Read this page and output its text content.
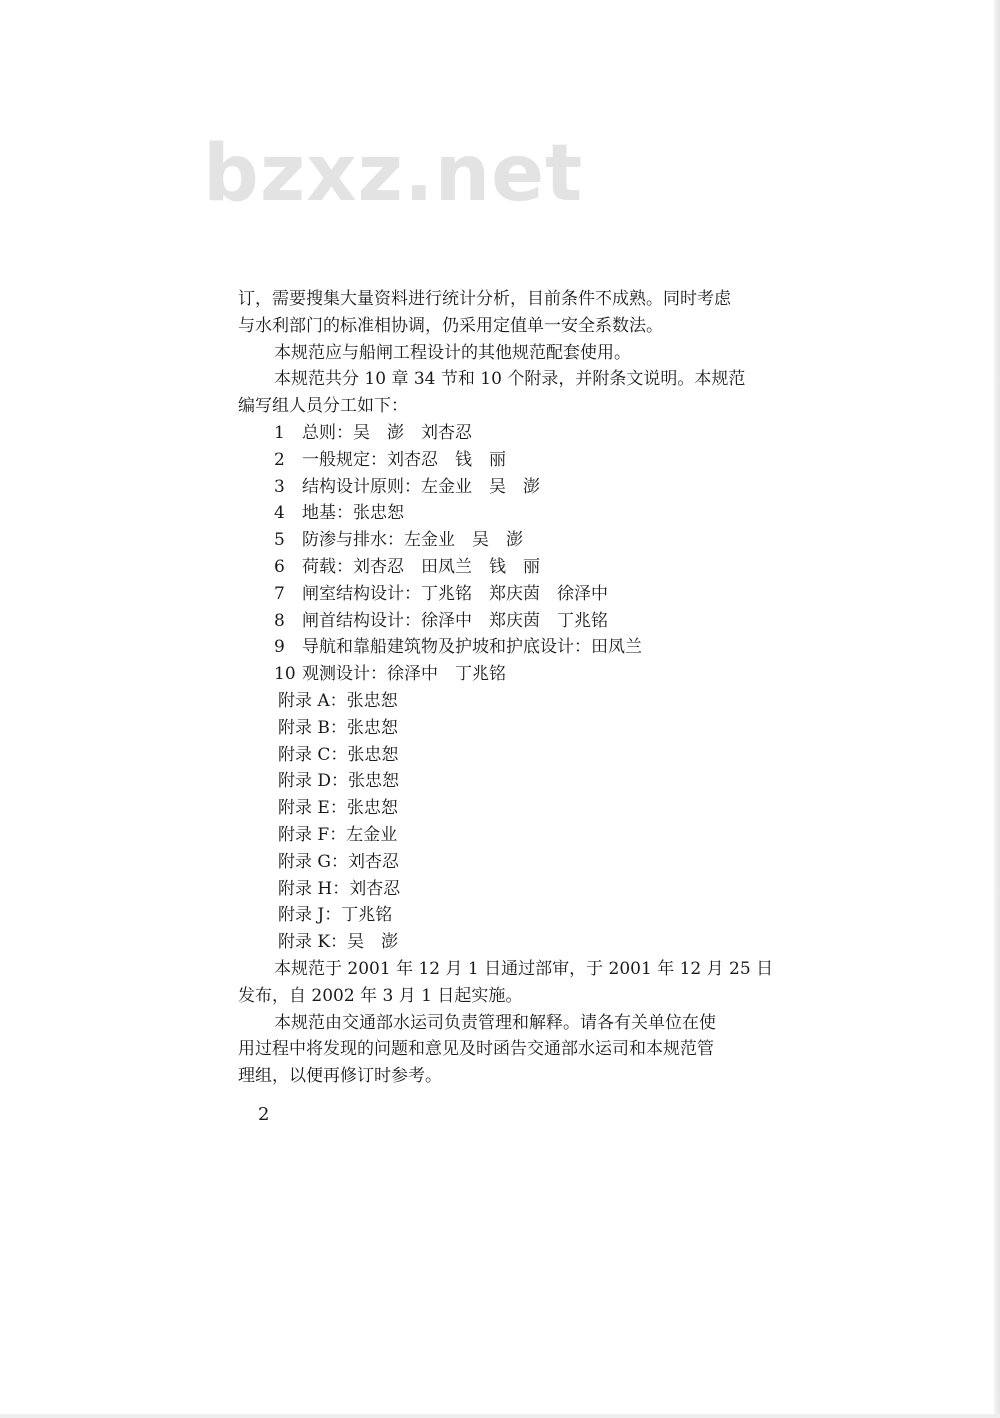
bzxz.net
订，需要搜集大量资料进行统计分析，目前条件不成熟。同时考虑
与水利部门的标准相协调，仍采用定值单一安全系数法。
本规范应与船闸工程设计的其他规范配套使用。
本规范共分 10 章 34 节和 10 个附录，并附条文说明。本规范
编写组人员分工如下：
1 总则：吴　澎　刘杏忍
2 一般规定：刘杏忍　钱　丽
3 结构设计原则：左金业　吴　澎
4 地基：张忠恕
5 防渗与排水：左金业　吴　澎
6 荷载：刘杏忍　田凤兰　钱　丽
7 闸室结构设计：丁兆铭　郑庆茵　徐泽中
8 闸首结构设计：徐泽中　郑庆茵　丁兆铭
9 导航和靠船建筑物及护坡和护底设计：田凤兰
10 观测设计：徐泽中　丁兆铭
附录 A：张忠恕
附录 B：张忠恕
附录 C：张忠恕
附录 D：张忠恕
附录 E：张忠恕
附录 F：左金业
附录 G：刘杏忍
附录 H：刘杏忍
附录 J：丁兆铭
附录 K：吴　澎
本规范于 2001 年 12 月 1 日通过部审，于 2001 年 12 月 25 日
发布，自 2002 年 3 月 1 日起实施。
本规范由交通部水运司负责管理和解释。请各有关单位在使
用过程中将发现的问题和意见及时函告交通部水运司和本规范管
理组，以便再修订时参考。
2
